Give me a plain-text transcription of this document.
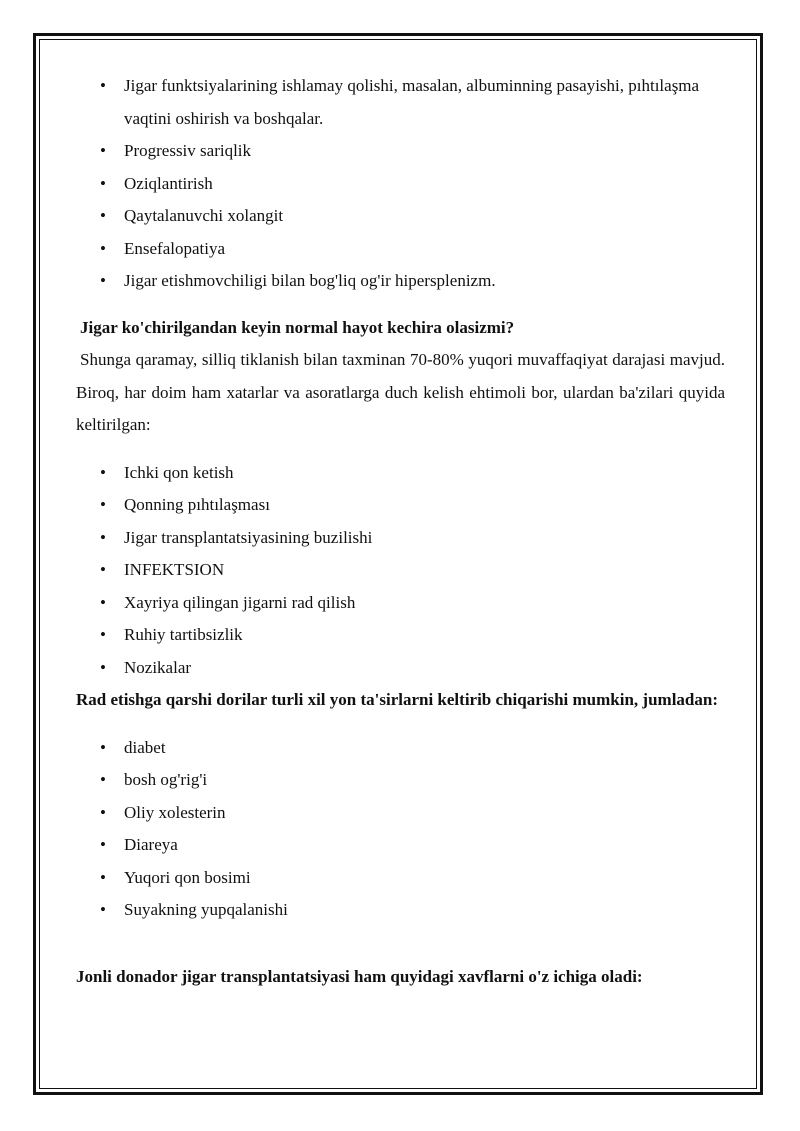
• Jigar funktsiyalarining ishlamay qolishi, masalan, albuminning pasayishi, pıhtılaşma vaqtini oshirish va boshqalar.
• Progressiv sariqlik
• Oziqlantirish
• Qaytalanuvchi xolangit
• Ensefalopatiya
• Jigar etishmovchiligi bilan bog'liq og'ir hipersplenizm.

Jigar ko'chirilgandan keyin normal hayot kechira olasizmi?

Shunga qaramay, silliq tiklanish bilan taxminan 70-80% yuqori muvaffaqiyat darajasi mavjud. Biroq, har doim ham xatarlar va asoratlarga duch kelish ehtimoli bor, ulardan ba'zilari quyida keltirilgan:

• Ichki qon ketish
• Qonning pıhtılaşması
• Jigar transplantatsiyasining buzilishi
• INFEKTSION
• Xayriya qilingan jigarni rad qilish
• Ruhiy tartibsizlik
• Nozikalar

Rad etishga qarshi dorilar turli xil yon ta'sirlarni keltirib chiqarishi mumkin, jumladan:

• diabet
• bosh og'rig'i
• Oliy xolesterin
• Diareya
• Yuqori qon bosimi
• Suyakning yupqalanishi

Jonli donador jigar transplantatsiyasi ham quyidagi xavflarni o'z ichiga oladi:
